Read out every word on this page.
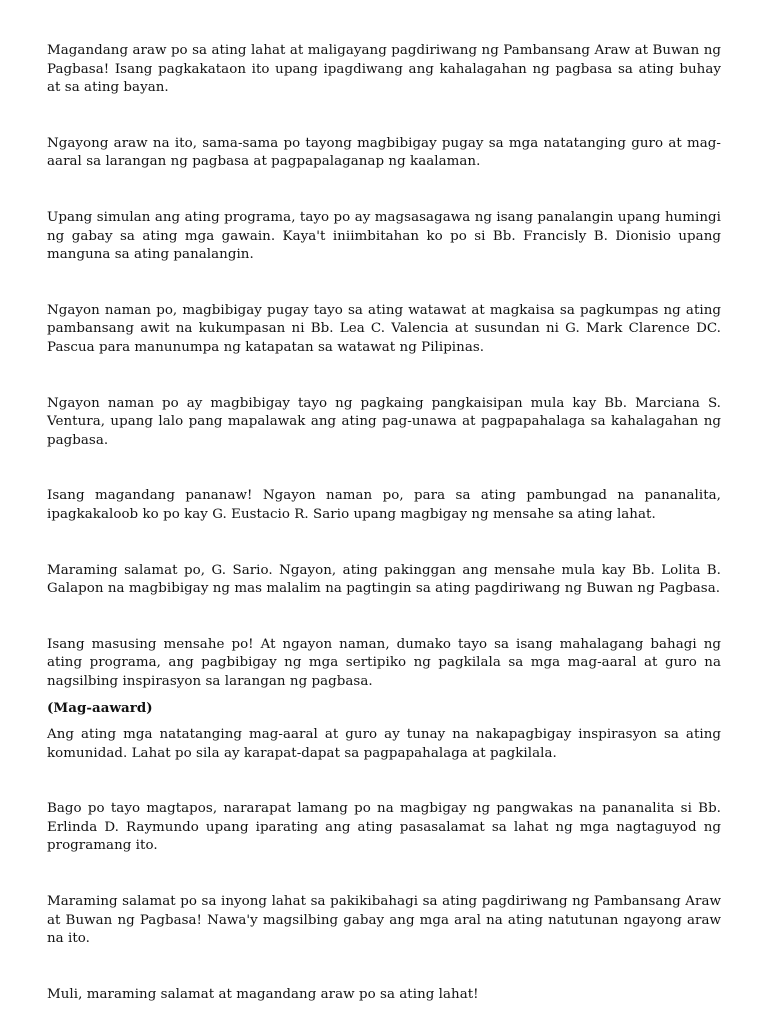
Magandang araw po sa ating lahat at maligayang pagdiriwang ng Pambansang Araw at Buwan ng Pagbasa! Isang pagkakataon ito upang ipagdiwang ang kahalagahan ng pagbasa sa ating buhay at sa ating bayan.

Ngayong araw na ito, sama-sama po tayong magbibigay pugay sa mga natatanging guro at mag-aaral sa larangan ng pagbasa at pagpapalaganap ng kaalaman.

Upang simulan ang ating programa, tayo po ay magsasagawa ng isang panalangin upang humingi ng gabay sa ating mga gawain. Kaya't iniimbitahan ko po si Bb. Francisly B. Dionisio upang manguna sa ating panalangin.

Ngayon naman po, magbibigay pugay tayo sa ating watawat at magkaisa sa pagkumpas ng ating pambansang awit na kukumpasan ni Bb. Lea C. Valencia at susundan ni G. Mark Clarence DC. Pascua para manunumpa ng katapatan sa watawat ng Pilipinas.

Ngayon naman po ay magbibigay tayo ng pagkaing pangkaisipan mula kay Bb. Marciana S. Ventura, upang lalo pang mapalawak ang ating pag-unawa at pagpapahalaga sa kahalagahan ng pagbasa.

Isang magandang pananaw! Ngayon naman po, para sa ating pambungad na pananalita, ipagkakaloob ko po kay G. Eustacio R. Sario upang magbigay ng mensahe sa ating lahat.

Maraming salamat po, G. Sario. Ngayon, ating pakinggan ang mensahe mula kay Bb. Lolita B. Galapon na magbibigay ng mas malalim na pagtingin sa ating pagdiriwang ng Buwan ng Pagbasa.

Isang masusing mensahe po! At ngayon naman, dumako tayo sa isang mahalagang bahagi ng ating programa, ang pagbibigay ng mga sertipiko ng pagkilala sa mga mag-aaral at guro na nagsilbing inspirasyon sa larangan ng pagbasa.

(Mag-aaward)

Ang ating mga natatanging mag-aaral at guro ay tunay na nakapagbigay inspirasyon sa ating komunidad. Lahat po sila ay karapat-dapat sa pagpapahalaga at pagkilala.

Bago po tayo magtapos, nararapat lamang po na magbigay ng pangwakas na pananalita si Bb. Erlinda D. Raymundo upang iparating ang ating pasasalamat sa lahat ng mga nagtaguyod ng programang ito.

Maraming salamat po sa inyong lahat sa pakikibahagi sa ating pagdiriwang ng Pambansang Araw at Buwan ng Pagbasa! Nawa'y magsilbing gabay ang mga aral na ating natutunan ngayong araw na ito.

Muli, maraming salamat at magandang araw po sa ating lahat!
